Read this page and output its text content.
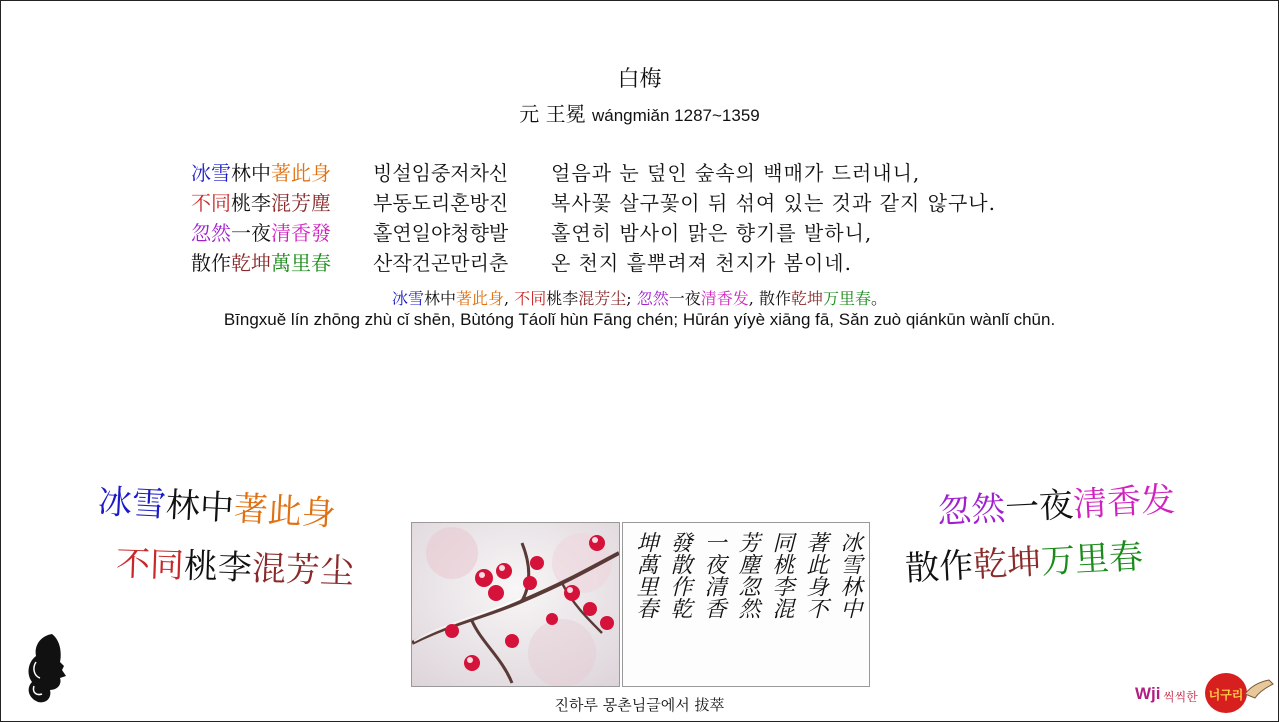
白梅
元 王冕 wángmiǎn 1287~1359
冰雪林中著此身 빙설임중저차신 얼음과 눈 덮인 숲속의 백매가 드러내니,
不同桃李混芳塵 부동도리혼방진 복사꽃 살구꽃이 뒤 섞여 있는 것과 같지 않구나.
忽然一夜清香發 홀연일야청향발 홀연히 밤사이 맑은 향기를 발하니,
散作乾坤萬里春 산작건곤만리춘 온 천지 흩뿌려져 천지가 봄이네.
冰雪林中著此身, 不同桃李混芳尘; 忽然一夜清香发, 散作乾坤万里春。
Bīngxuě lín zhōng zhù cǐ shēn, Bùtóng Táolǐ hùn Fāng chén; Hūrán yíyè xiāng fā, Sǎn zuò qiánkūn wànlǐ chūn.
冰雪林中著此身
不同桃李混芳尘
忽然一夜清香发
散作乾坤万里春
冰雪林中
著此身不
同桃李混
芳塵忽然
一夜清香
發散作乾
坤萬里春
진하루 몽촌님글에서 拔萃
Wji 씩씩한 너구리
